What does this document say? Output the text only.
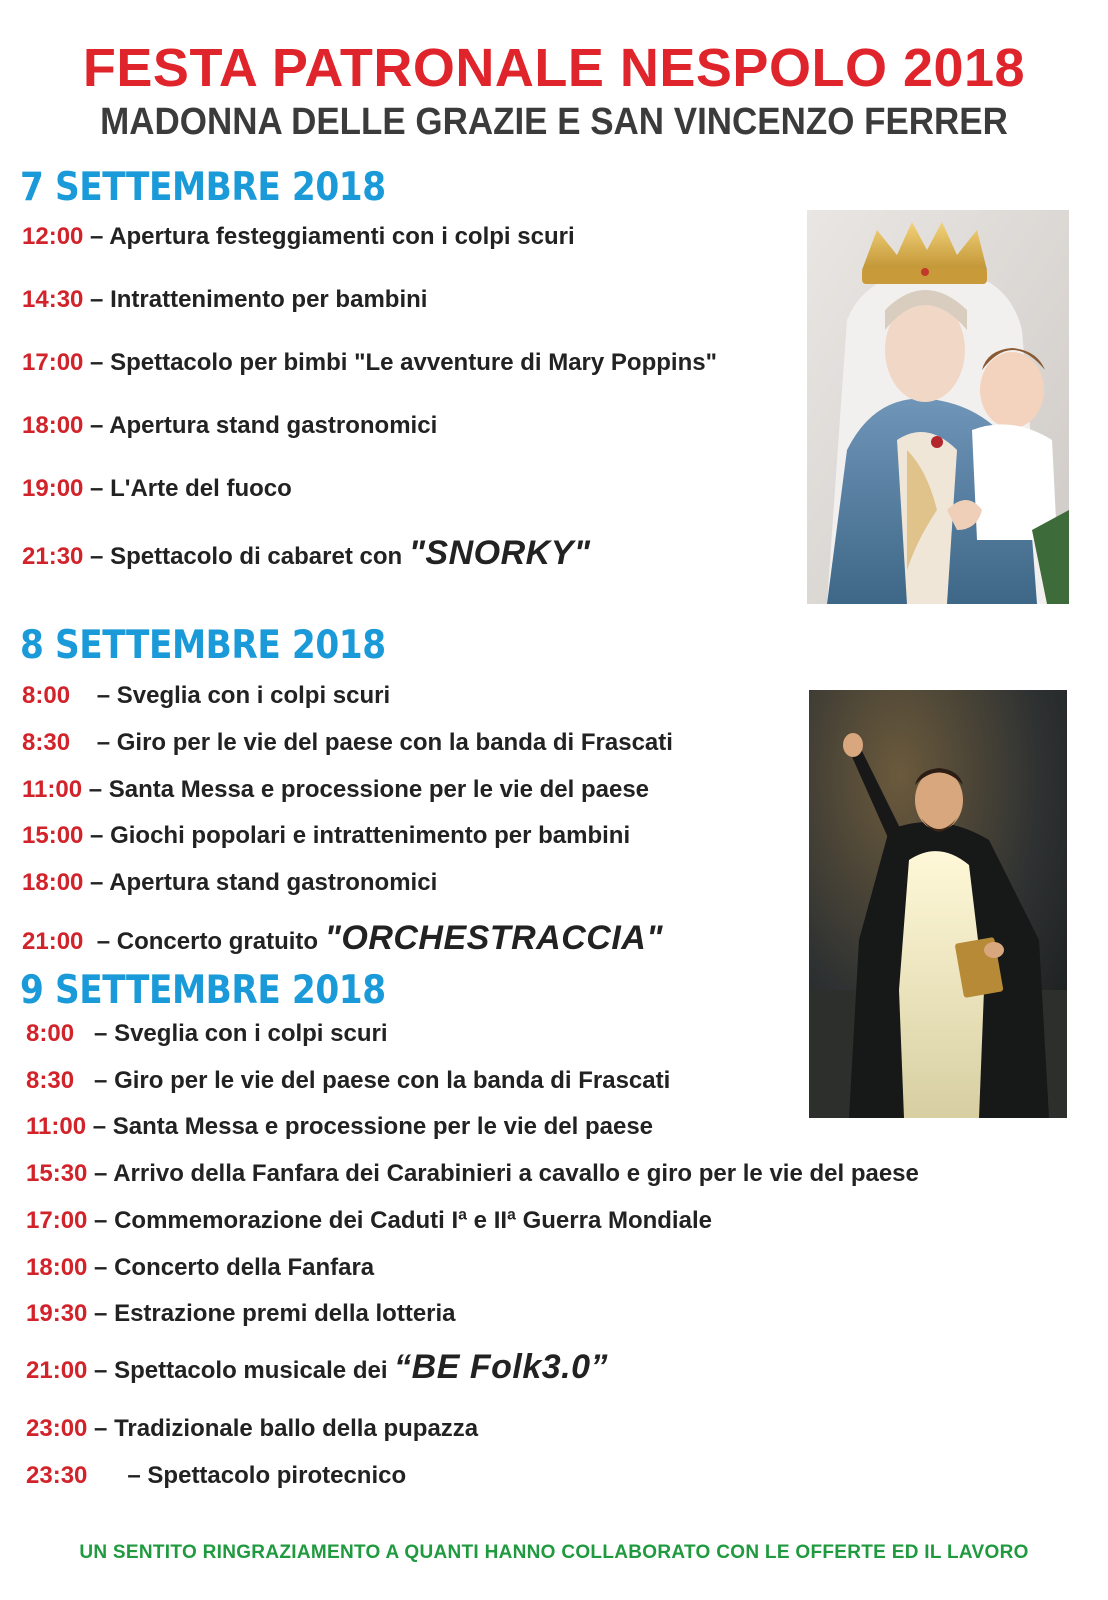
FESTA PATRONALE NESPOLO 2018
MADONNA DELLE GRAZIE E SAN VINCENZO FERRER
7 SETTEMBRE 2018
12:00 – Apertura festeggiamenti con i colpi scuri
14:30 – Intrattenimento per bambini
17:00 – Spettacolo per bimbi "Le avventure di Mary Poppins"
18:00 – Apertura stand gastronomici
19:00 – L'Arte del fuoco
21:30 – Spettacolo di cabaret con "SNORKY"
8 SETTEMBRE 2018
8:00    – Sveglia con i colpi scuri
8:30    – Giro per le vie del paese con la banda di Frascati
11:00 – Santa Messa e processione per le vie del paese
15:00 – Giochi popolari e intrattenimento per bambini
18:00 – Apertura stand gastronomici
21:00  – Concerto gratuito "ORCHESTRACCIA"
9 SETTEMBRE 2018
8:00   – Sveglia con i colpi scuri
8:30   – Giro per le vie del paese con la banda di Frascati
11:00 – Santa Messa e processione per le vie del paese
15:30 – Arrivo della Fanfara dei Carabinieri a cavallo e giro per le vie del paese
17:00 – Commemorazione dei Caduti Iª e IIª Guerra Mondiale
18:00 – Concerto della Fanfara
19:30 – Estrazione premi della lotteria
21:00 – Spettacolo musicale dei “BE Folk3.0”
23:00 – Tradizionale ballo della pupazza
23:30      – Spettacolo pirotecnico
UN SENTITO RINGRAZIAMENTO A QUANTI HANNO COLLABORATO CON LE OFFERTE ED IL LAVORO
